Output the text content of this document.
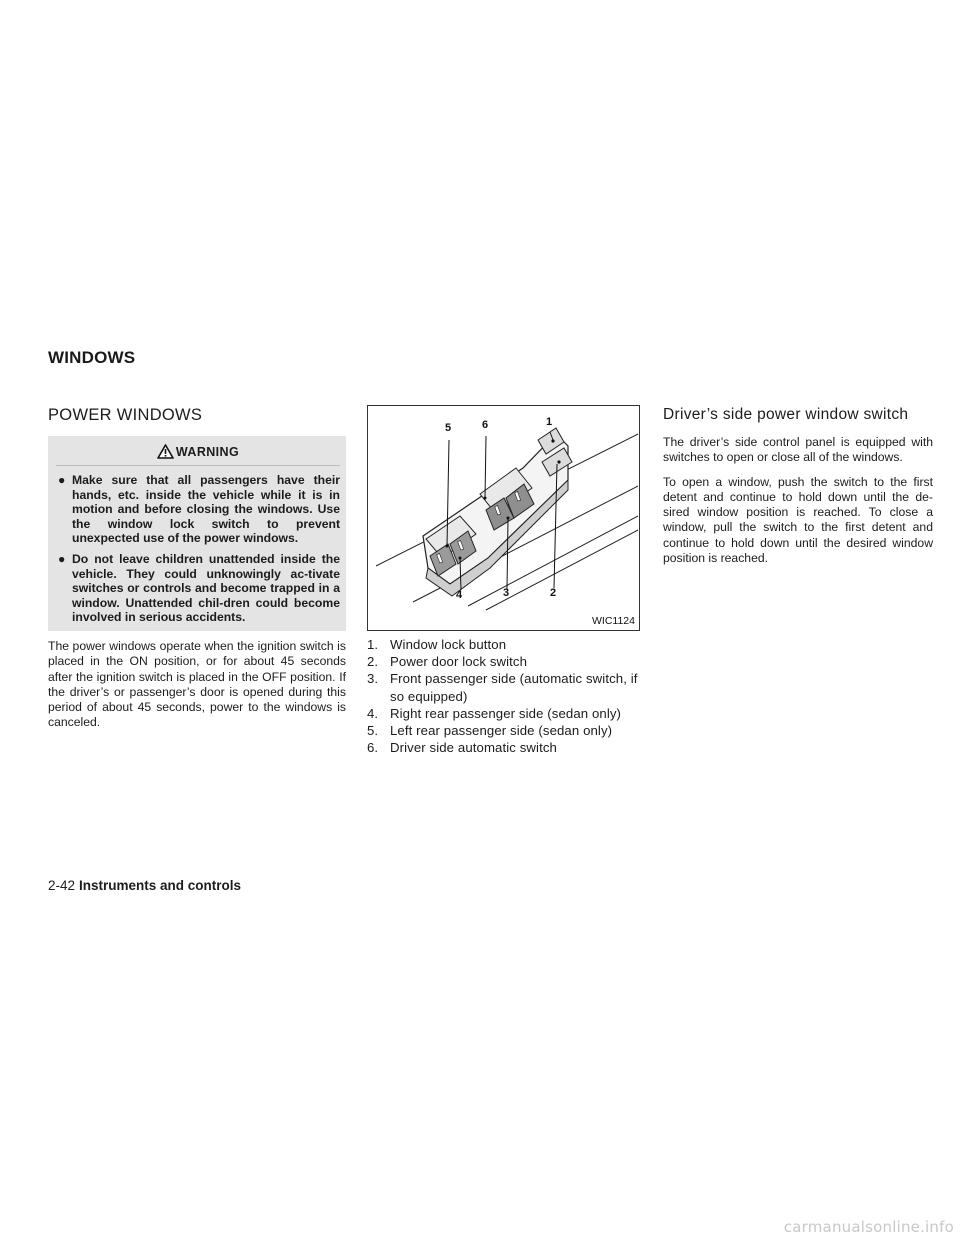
WINDOWS
POWER WINDOWS
WARNING
● Make sure that all passengers have their hands, etc. inside the vehicle while it is in motion and before closing the windows. Use the window lock switch to prevent unexpected use of the power windows.
● Do not leave children unattended inside the vehicle. They could unknowingly ac-tivate switches or controls and become trapped in a window. Unattended chil-dren could become involved in serious accidents.

The power windows operate when the ignition switch is placed in the ON position, or for about 45 seconds after the ignition switch is placed in the OFF position. If the driver’s or passenger’s door is opened during this period of about 45 seconds, power to the windows is canceled.

1
2
3
4
5	6
WIC1124
1. Window lock button
2. Power door lock switch
3. Front passenger side (automatic switch, if so equipped)
4. Right rear passenger side (sedan only)
5. Left rear passenger side (sedan only)
6. Driver side automatic switch
Driver’s side power window switch

The driver’s side control panel is equipped with switches to open or close all of the windows.

To open a window, push the switch to the first detent and continue to hold down until the de-sired window position is reached. To close a window, pull the switch to the first detent and continue to hold down until the desired window position is reached.

2-42 Instruments and controls
carmanualsonline.info
